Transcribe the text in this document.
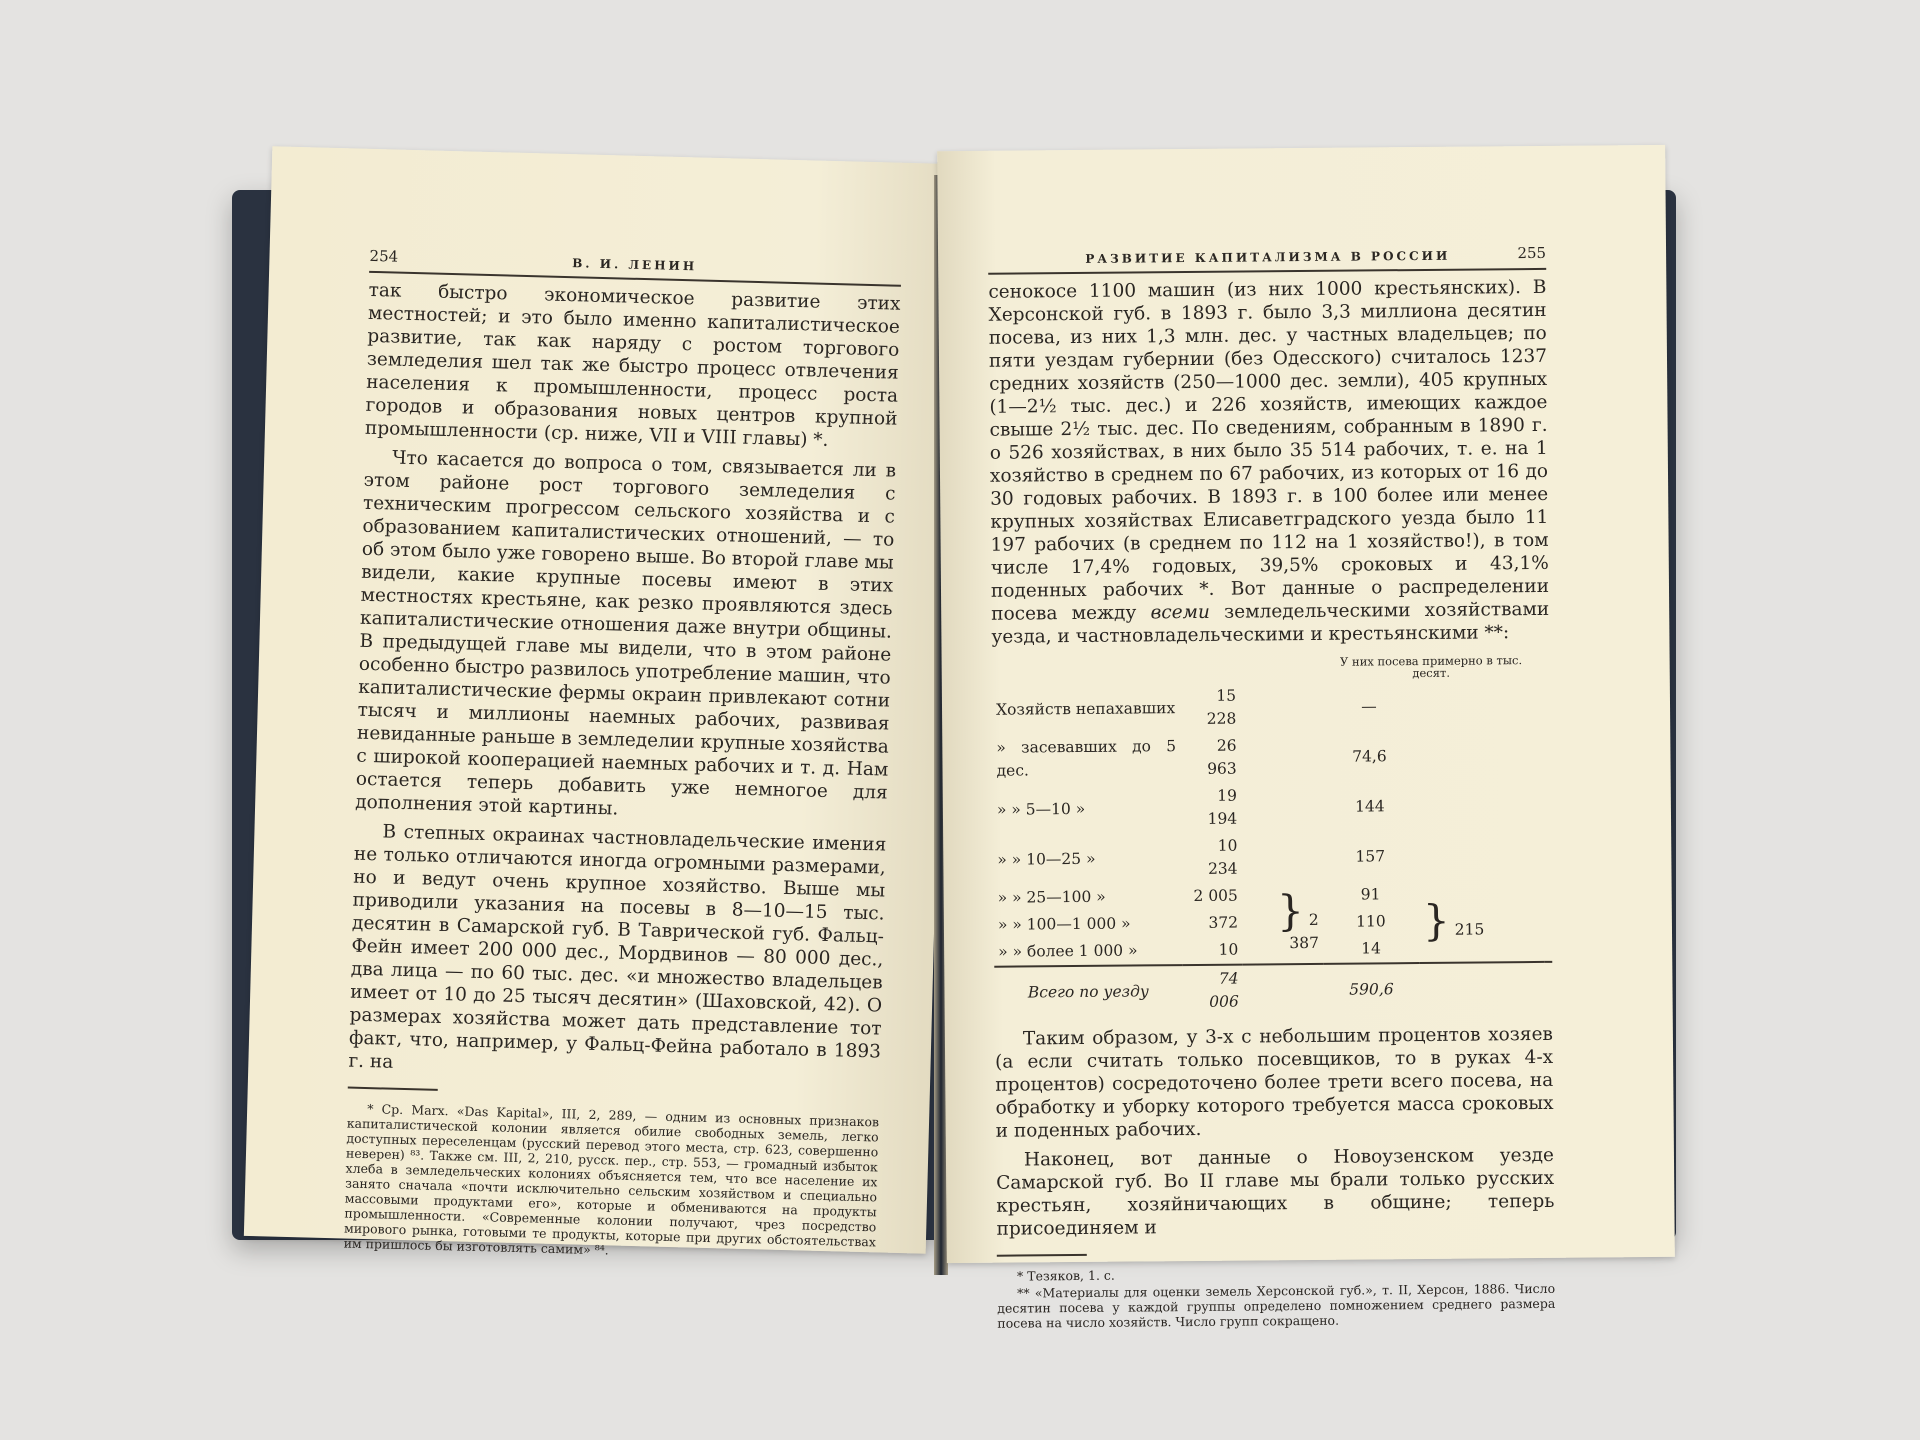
254	В. И. ЛЕНИН

так быстро экономическое развитие этих местностей; и это было именно капиталистическое развитие, так как наряду с ростом торгового земледелия шел так же быстро процесс отвлечения населения к промышленности, процесс роста городов и образования новых центров крупной промышленности (ср. ниже, VII и VIII главы) *.

Что касается до вопроса о том, связывается ли в этом районе рост торгового земледелия с техническим прогрессом сельского хозяйства и с образованием капиталистических отношений, — то об этом было уже говорено выше. Во второй главе мы видели, какие крупные посевы имеют в этих местностях крестьяне, как резко проявляются здесь капиталистические отношения даже внутри общины. В предыдущей главе мы видели, что в этом районе особенно быстро развилось употребление машин, что капиталистические фермы окраин привлекают сотни тысяч и миллионы наемных рабочих, развивая невиданные раньше в земледелии крупные хозяйства с широкой кооперацией наемных рабочих и т. д. Нам остается теперь добавить уже немногое для дополнения этой картины.

В степных окраинах частновладельческие имения не только отличаются иногда огромными размерами, но и ведут очень крупное хозяйство. Выше мы приводили указания на посевы в 8—10—15 тыс. десятин в Самарской губ. В Таврической губ. Фальц-Фейн имеет 200 000 дес., Мордвинов — 80 000 дес., два лица — по 60 тыс. дес. «и множество владельцев имеет от 10 до 25 тысяч десятин» (Шаховской, 42). О размерах хозяйства может дать представление тот факт, что, например, у Фальц-Фейна работало в 1893 г. на

* Ср. Marx. «Das Kapital», III, 2, 289, — одним из основных признаков капиталистической колонии является обилие свободных земель, легко доступных переселенцам (русский перевод этого места, стр. 623, совершенно неверен) ⁸³. Также см. III, 2, 210, русск. пер., стр. 553, — громадный избыток хлеба в земледельческих колониях объясняется тем, что все население их занято сначала «почти исключительно сельским хозяйством и специально массовыми продуктами его», которые и обмениваются на продукты промышленности. «Современные колонии получают, чрез посредство мирового рынка, готовыми те продукты, которые при других обстоятельствах им пришлось бы изготовлять самим» ⁸⁴.

РАЗВИТИЕ КАПИТАЛИЗМА В РОССИИ	255

сенокосе 1100 машин (из них 1000 крестьянских). В Херсонской губ. в 1893 г. было 3,3 миллиона десятин посева, из них 1,3 млн. дес. у частных владельцев; по пяти уездам губернии (без Одесского) считалось 1237 средних хозяйств (250—1000 дес. земли), 405 крупных (1—2½ тыс. дес.) и 226 хозяйств, имеющих каждое свыше 2½ тыс. дес. По сведениям, собранным в 1890 г. о 526 хозяйствах, в них было 35 514 рабочих, т. е. на 1 хозяйство в среднем по 67 рабочих, из которых от 16 до 30 годовых рабочих. В 1893 г. в 100 более или менее крупных хозяйствах Елисаветградского уезда было 11 197 рабочих (в среднем по 112 на 1 хозяйство!), в том числе 17,4% годовых, 39,5% сроковых и 43,1% поденных рабочих *. Вот данные о распределении посева между всеми земледельческими хозяйствами уезда, и частновладельческими и крестьянскими **:

			У них посева примерно в тыс. десят.		
Хозяйств непахавших	15 228		—		
» засевавших до 5 дес.	26 963		74,6		
» » 5—10 »	19 194		144		
» » 10—25 »	10 234		157		
» » 25—100 »	2 005	} 2 387	91	} 215	
» » 100—1 000 »	372		110		
» » более 1 000 »	10		14		
Всего по уезду	74 006		590,6		

Таким образом, у 3-х с небольшим процентов хозяев (а если считать только посевщиков, то в руках 4-х процентов) сосредоточено более трети всего посева, на обработку и уборку которого требуется масса сроковых и поденных рабочих.

Наконец, вот данные о Новоузенском уезде Самарской губ. Во II главе мы брали только русских крестьян, хозяйничающих в общине; теперь присоединяем и

* Тезяков, 1. с.

** «Материалы для оценки земель Херсонской губ.», т. II, Херсон, 1886. Число десятин посева у каждой группы определено помножением среднего размера посева на число хозяйств. Число групп сокращено.
